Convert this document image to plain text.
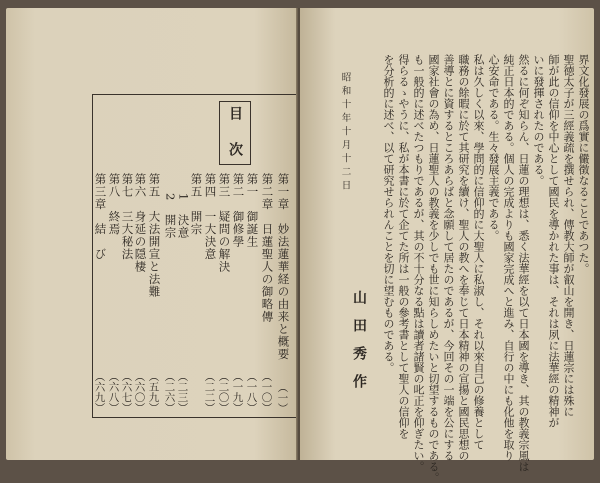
目次
第一章　妙法蓮華経の由来と概要
（一）
第二章　日蓮聖人の御略傳
（一〇）
第一　御誕生
（一八）
第二　御修學
（一九）
第三　疑問の解決
（二〇）
第四　一大決意
（二二）
第五　開宗
1　決意
（二三）
2　開宗
（二六）
第五　大法開宣と法難
（五九）
第六　身延の隠棲
（六〇）
第七　三大秘法
（六七）
第八　終焉
（六八）
第三章　結　び
（六九）
界文化發展の爲實に儼徴なることであつた。
聖徳太子が三經義疏を撰せられ、傳教大師が叡山を開き、日蓮宗には殊に
師が此の信仰を中心として國民を導かれた事は、それは夙に法華經の精神が
いに發揮されたのである。
然るに何ぞ知らん、日蓮の理想は、悉く法華經を以て日本國を導き、其の教義宗風は
純正日本的である。個人の完成よりも國家完成へと進み、自行の中にも化他を取り
心安命である。生々發展主義である。
私は久しく以來、學問的に信仰的に大聖人に私淑し、それ以來自己の修養として
職務の餘暇に於て其研究を續け、聖人の教へを奉じて日本精神の宣揚と國民思想の
善導とに資するところあらばと念願して居たのであるが、今回その一端を公にする
國家社會の為め、日蓮聖人の教義を少しでも世に知らしめたいと切望するものである。
も一般的に述べたつもりであるが、其の不十分なる點は讀者諸賢の叱正を仰ぎたい。
得らるゝやうに、私が本書に於て企てた所は一般の參考書として聖人の信仰を
を分析的に述べ、以て研究せられんことを切に望むものである。
昭和十年十月十二日
山田秀作
